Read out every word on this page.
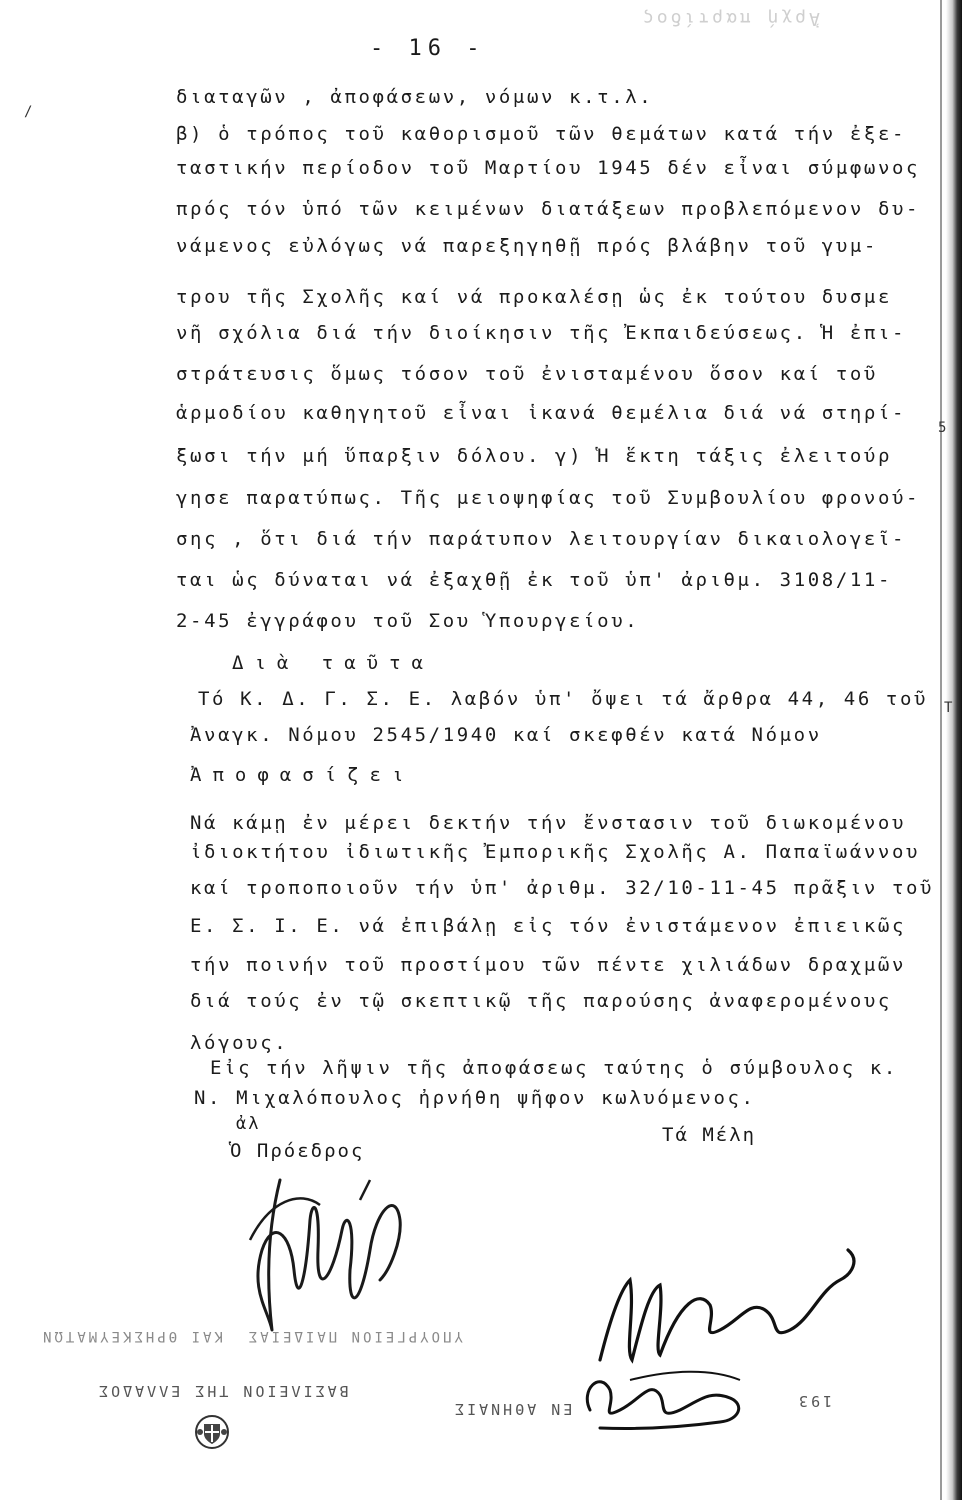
Ἀρχή παρτίδος
- 16 -
διαταγῶν , ἀποφάσεων, νόμων κ.τ.λ.
β) ὁ τρόπος τοῦ καθορισμοῦ τῶν θεμάτων κατά τήν ἐξε-
ταστικήν περίοδον τοῦ Μαρτίου 1945 δέν εἶναι σύμφωνος
πρός τόν ὑπό τῶν κειμένων διατάξεων προβλεπόμενον δυ-
νάμενος εὐλόγως νά παρεξηγηθῇ πρός βλάβην τοῦ γυμ-
τρου τῆς Σχολῆς καί νά προκαλέσῃ ὡς ἐκ τούτου δυσμε
νῆ σχόλια διά τήν διοίκησιν τῆς Ἐκπαιδεύσεως. Ἡ ἐπι-
στράτευσις ὅμως τόσον τοῦ ἐνισταμένου ὅσον καί τοῦ
ἁρμοδίου καθηγητοῦ εἶναι ἱκανά θεμέλια διά νά στηρί-
ξωσι τήν μή ὕπαρξιν δόλου. γ) Ἡ ἕκτη τάξις ἐλειτούρ
γησε παρατύπως. Τῆς μειοψηφίας τοῦ Συμβουλίου φρονού-
σης , ὅτι διά τήν παράτυπον λειτουργίαν δικαιολογεῖ-
ται ὡς δύναται νά ἐξαχθῇ ἐκ τοῦ ὑπ' ἀριθμ. 3108/11-
2-45 ἐγγράφου τοῦ Σου Ὑπουργείου.
Διὰ ταῦτα
Τό Κ. Δ. Γ. Σ. Ε. λαβόν ὑπ' ὄψει τά ἄρθρα 44, 46 τοῦ
Ἀναγκ. Νόμου 2545/1940 καί σκεφθέν κατά Νόμον
Ἀποφασίζει
Νά κάμῃ ἐν μέρει δεκτήν τήν ἔνστασιν τοῦ διωκομένου
ἰδιοκτήτου ἰδιωτικῆς Ἐμπορικῆς Σχολῆς Α. Παπαϊωάννου
καί τροποποιοῦν τήν ὑπ' ἀριθμ. 32/10-11-45 πρᾶξιν τοῦ
Ε. Σ. Ι. Ε. νά ἐπιβάλῃ εἰς τόν ἐνιστάμενον ἐπιεικῶς
τήν ποινήν τοῦ προστίμου τῶν πέντε χιλιάδων δραχμῶν
διά τούς ἐν τῷ σκεπτικῷ τῆς παρούσης ἀναφερομένους
λόγους.
Εἰς τήν λῆψιν τῆς ἀποφάσεως ταύτης ὁ σύμβουλος κ.
Ν. Μιχαλόπουλος ἠρνήθη ψῆφον κωλυόμενος.
ἀλ
Ὁ Πρόεδρος
Τά Μέλη
ΥΠΟΥΡΓΕΙΟΝ ΠΑΙΔΕΙΑΣ  ΚΑΙ ΘΡΗΣΚΕΥΜΑΤΩΝ
ΒΑΣΙΛΕΙΟΝ ΤΗΣ ΕΛΛΑΔΟΣ
ΕΝ ΑΘΗΝΑΙΣ	193
/
5
T
